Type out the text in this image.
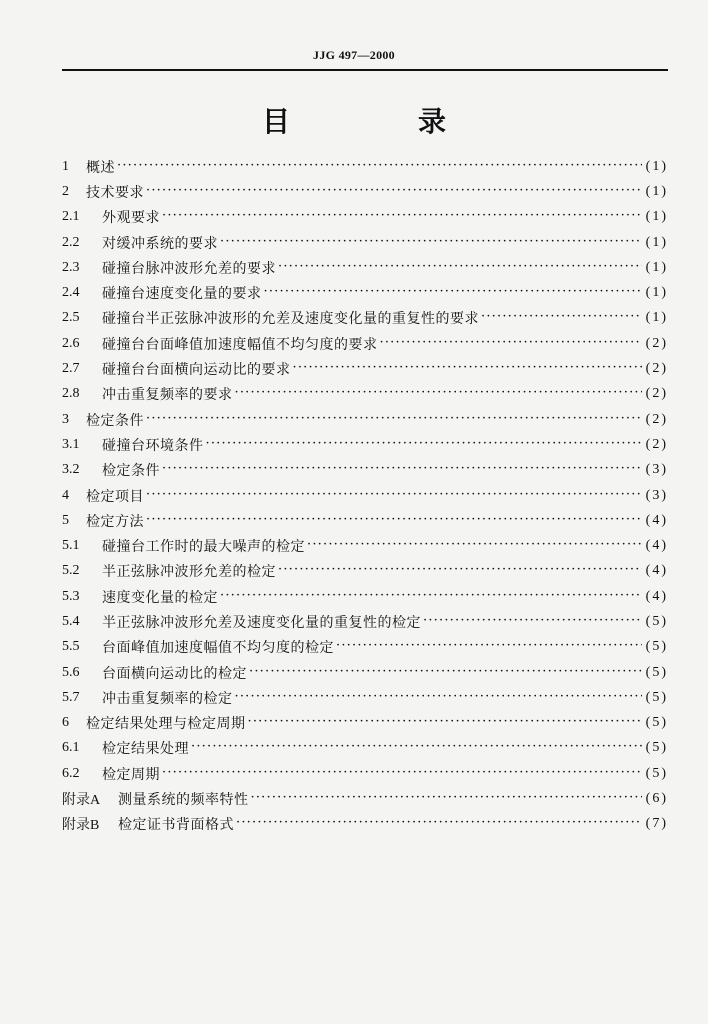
JJG 497—2000
目　录
1	概述 ·····	(1)
2	技术要求 ·····	(1)
2.1	外观要求 ·····	(1)
2.2	对缓冲系统的要求 ·····	(1)
2.3	碰撞台脉冲波形允差的要求 ·····	(1)
2.4	碰撞台速度变化量的要求 ·····	(1)
2.5	碰撞台半正弦脉冲波形的允差及速度变化量的重复性的要求 ·····	(1)
2.6	碰撞台台面峰值加速度幅值不均匀度的要求 ·····	(2)
2.7	碰撞台台面横向运动比的要求 ·····	(2)
2.8	冲击重复频率的要求 ·····	(2)
3	检定条件 ·····	(2)
3.1	碰撞台环境条件 ·····	(2)
3.2	检定条件 ·····	(3)
4	检定项目 ·····	(3)
5	检定方法 ·····	(4)
5.1	碰撞台工作时的最大噪声的检定 ·····	(4)
5.2	半正弦脉冲波形允差的检定 ·····	(4)
5.3	速度变化量的检定 ·····	(4)
5.4	半正弦脉冲波形允差及速度变化量的重复性的检定 ·····	(5)
5.5	台面峰值加速度幅值不均匀度的检定 ·····	(5)
5.6	台面横向运动比的检定 ·····	(5)
5.7	冲击重复频率的检定 ·····	(5)
6	检定结果处理与检定周期 ·····	(5)
6.1	检定结果处理 ·····	(5)
6.2	检定周期 ·····	(5)
附录A	测量系统的频率特性 ·····	(6)
附录B	检定证书背面格式 ·····	(7)
